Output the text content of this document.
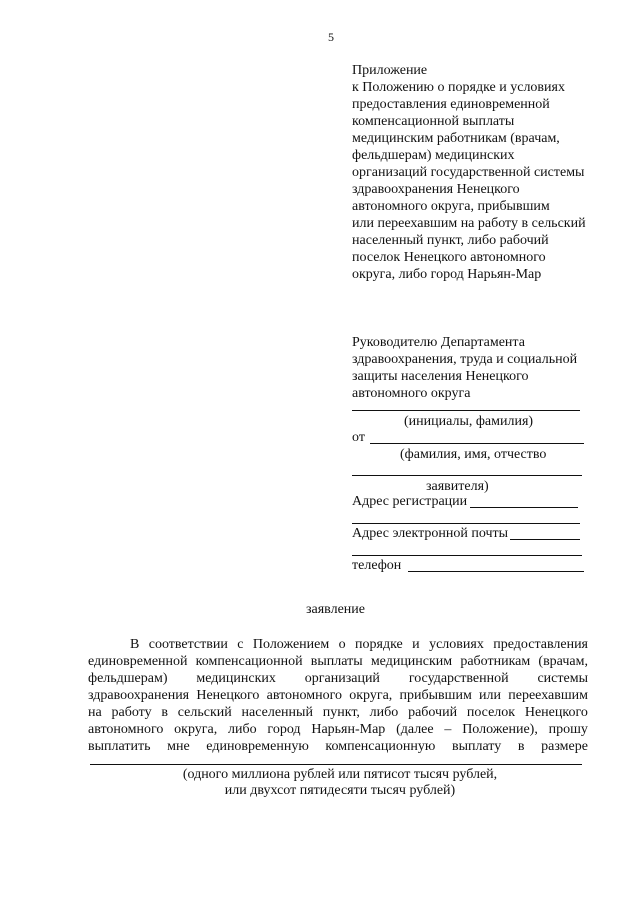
5
Приложение
к Положению о порядке и условиях
предоставления единовременной
компенсационной выплаты
медицинским работникам (врачам,
фельдшерам) медицинских
организаций государственной системы
здравоохранения Ненецкого
автономного округа, прибывшим
или переехавшим на работу в сельский
населенный пункт, либо рабочий
поселок Ненецкого автономного
округа, либо город Нарьян-Мар
Руководителю Департамента
здравоохранения, труда и социальной
защиты населения Ненецкого
автономного округа
(инициалы, фамилия)
от
(фамилия, имя, отчество
заявителя)
Адрес регистрации
Адрес электронной почты
телефон
заявление
В соответствии с Положением о порядке и условиях предоставления
единовременной компенсационной выплаты медицинским работникам (врачам,
фельдшерам) медицинских организаций государственной системы
здравоохранения Ненецкого автономного округа, прибывшим или переехавшим
на работу в сельский населенный пункт, либо рабочий поселок Ненецкого
автономного округа, либо город Нарьян-Мар (далее – Положение), прошу
выплатить мне единовременную компенсационную выплату в размере
(одного миллиона рублей или пятисот тысяч рублей,
или двухсот пятидесяти тысяч рублей)
